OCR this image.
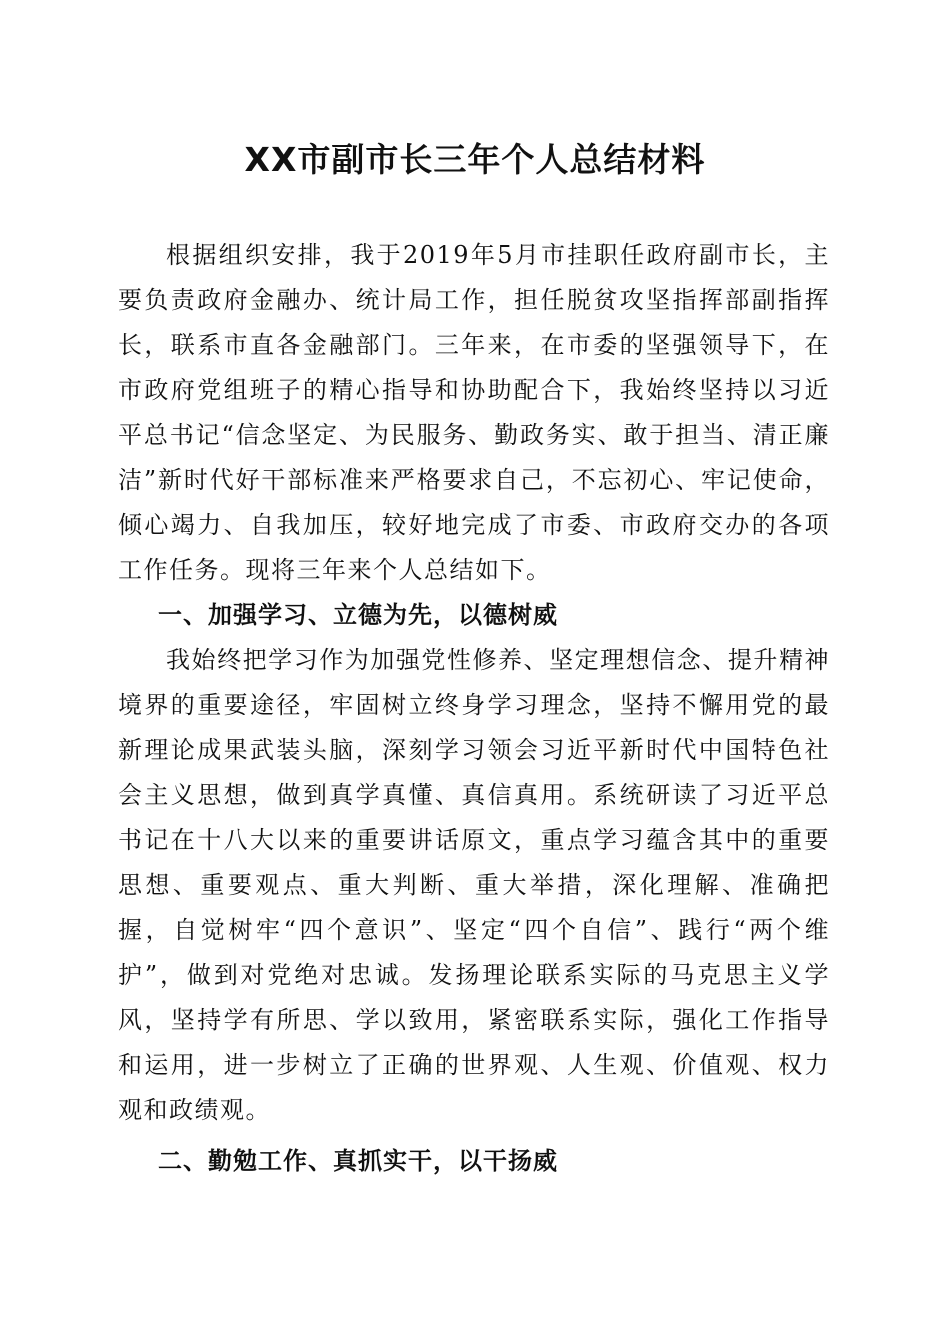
XX市副市长三年个人总结材料

根据组织安排，我于2019年5月市挂职任政府副市长，主要负责政府金融办、统计局工作，担任脱贫攻坚指挥部副指挥长，联系市直各金融部门。三年来，在市委的坚强领导下，在市政府党组班子的精心指导和协助配合下，我始终坚持以习近平总书记“信念坚定、为民服务、勤政务实、敢于担当、清正廉洁”新时代好干部标准来严格要求自己，不忘初心、牢记使命，倾心竭力、自我加压，较好地完成了市委、市政府交办的各项工作任务。现将三年来个人总结如下。

一、加强学习、立德为先，以德树威

我始终把学习作为加强党性修养、坚定理想信念、提升精神境界的重要途径，牢固树立终身学习理念，坚持不懈用党的最新理论成果武装头脑，深刻学习领会习近平新时代中国特色社会主义思想，做到真学真懂、真信真用。系统研读了习近平总书记在十八大以来的重要讲话原文，重点学习蕴含其中的重要思想、重要观点、重大判断、重大举措，深化理解、准确把握，自觉树牢“四个意识”、坚定“四个自信”、践行“两个维护”，做到对党绝对忠诚。发扬理论联系实际的马克思主义学风，坚持学有所思、学以致用，紧密联系实际，强化工作指导和运用，进一步树立了正确的世界观、人生观、价值观、权力观和政绩观。

二、勤勉工作、真抓实干，以干扬威
